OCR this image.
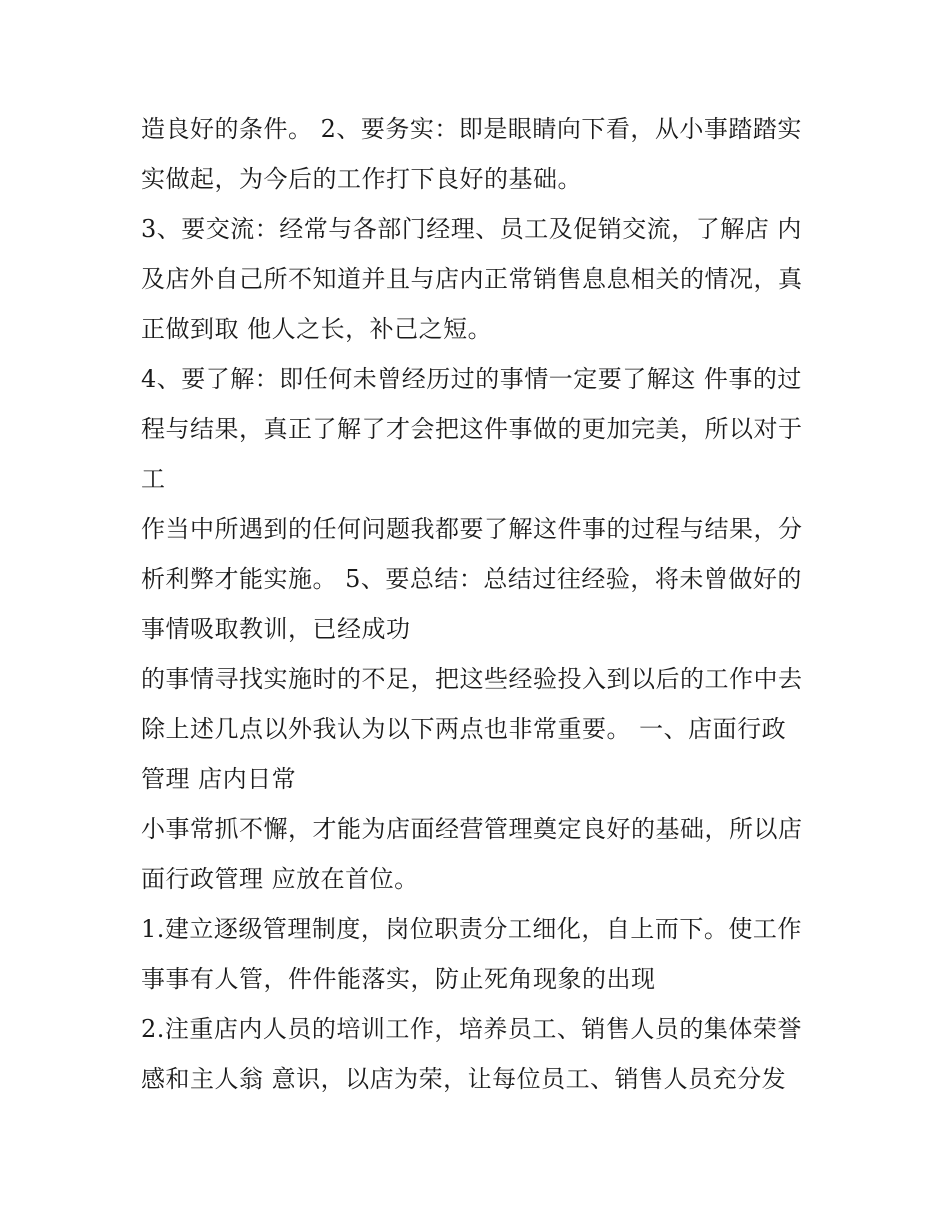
造良好的条件。 2、要务实：即是眼睛向下看，从小事踏踏实
实做起，为今后的工作打下良好的基础。
3、要交流：经常与各部门经理、员工及促销交流，了解店 内
及店外自己所不知道并且与店内正常销售息息相关的情况，真
正做到取 他人之长，补己之短。
4、要了解：即任何未曾经历过的事情一定要了解这 件事的过
程与结果，真正了解了才会把这件事做的更加完美，所以对于
工
作当中所遇到的任何问题我都要了解这件事的过程与结果，分
析利弊才能实施。 5、要总结：总结过往经验，将未曾做好的
事情吸取教训，已经成功
的事情寻找实施时的不足，把这些经验投入到以后的工作中去
除上述几点以外我认为以下两点也非常重要。 一、店面行政
管理 店内日常
小事常抓不懈，才能为店面经营管理奠定良好的基础，所以店
面行政管理 应放在首位。
1.建立逐级管理制度，岗位职责分工细化，自上而下。使工作
事事有人管，件件能落实，防止死角现象的出现
2.注重店内人员的培训工作，培养员工、销售人员的集体荣誉
感和主人翁 意识，以店为荣，让每位员工、销售人员充分发
